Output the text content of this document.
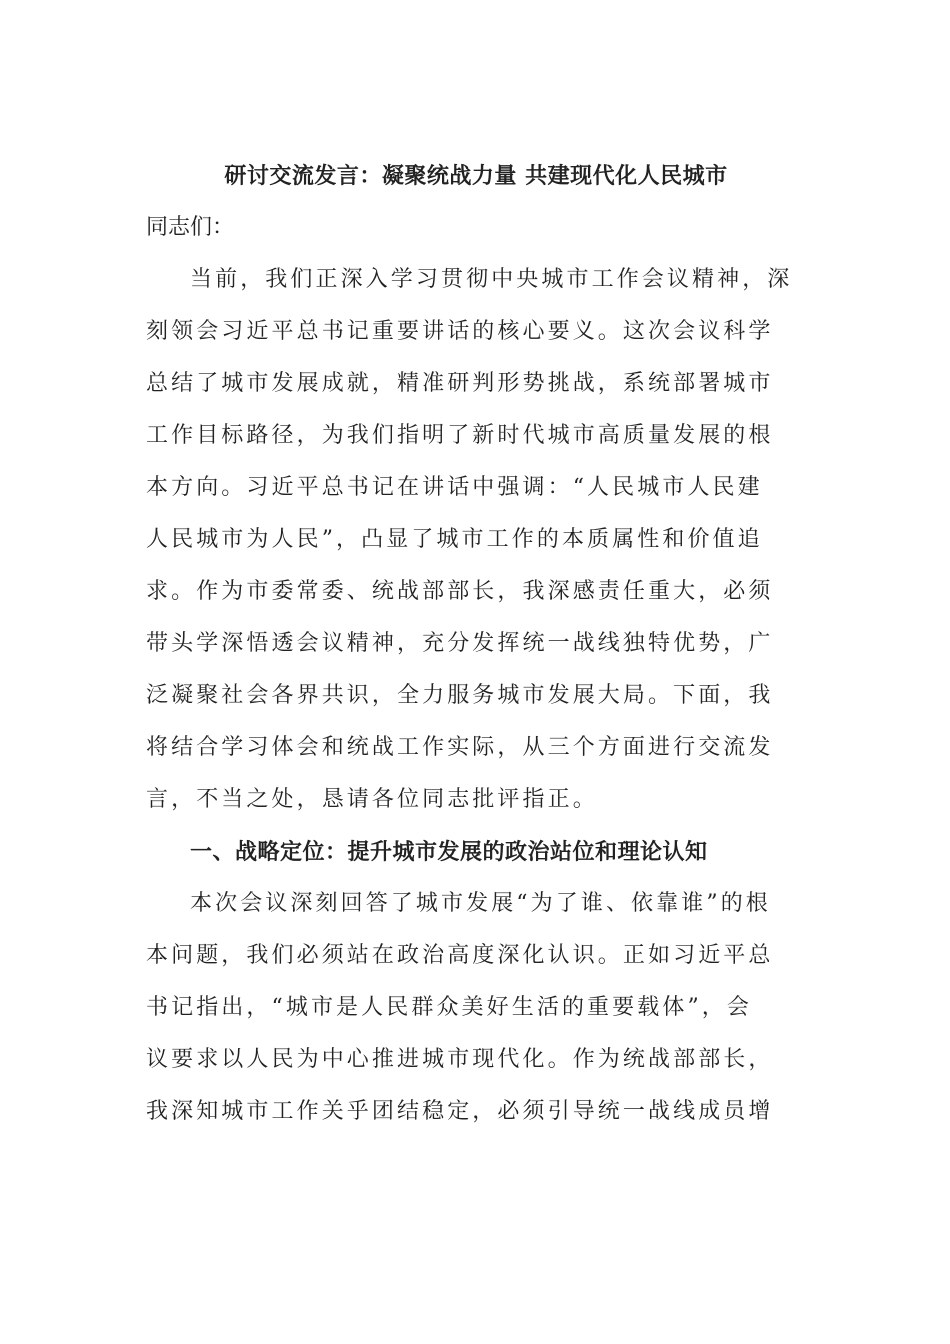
研讨交流发言：凝聚统战力量 共建现代化人民城市

同志们：

当前，我们正深入学习贯彻中央城市工作会议精神，深
刻领会习近平总书记重要讲话的核心要义。这次会议科学
总结了城市发展成就，精准研判形势挑战，系统部署城市
工作目标路径，为我们指明了新时代城市高质量发展的根
本方向。习近平总书记在讲话中强调：“人民城市人民建
人民城市为人民”，凸显了城市工作的本质属性和价值追
求。作为市委常委、统战部部长，我深感责任重大，必须
带头学深悟透会议精神，充分发挥统一战线独特优势，广
泛凝聚社会各界共识，全力服务城市发展大局。下面，我
将结合学习体会和统战工作实际，从三个方面进行交流发
言，不当之处，恳请各位同志批评指正。

一、战略定位：提升城市发展的政治站位和理论认知

本次会议深刻回答了城市发展“为了谁、依靠谁”的根
本问题，我们必须站在政治高度深化认识。正如习近平总
书记指出，“城市是人民群众美好生活的重要载体”，会
议要求以人民为中心推进城市现代化。作为统战部部长，
我深知城市工作关乎团结稳定，必须引导统一战线成员增
